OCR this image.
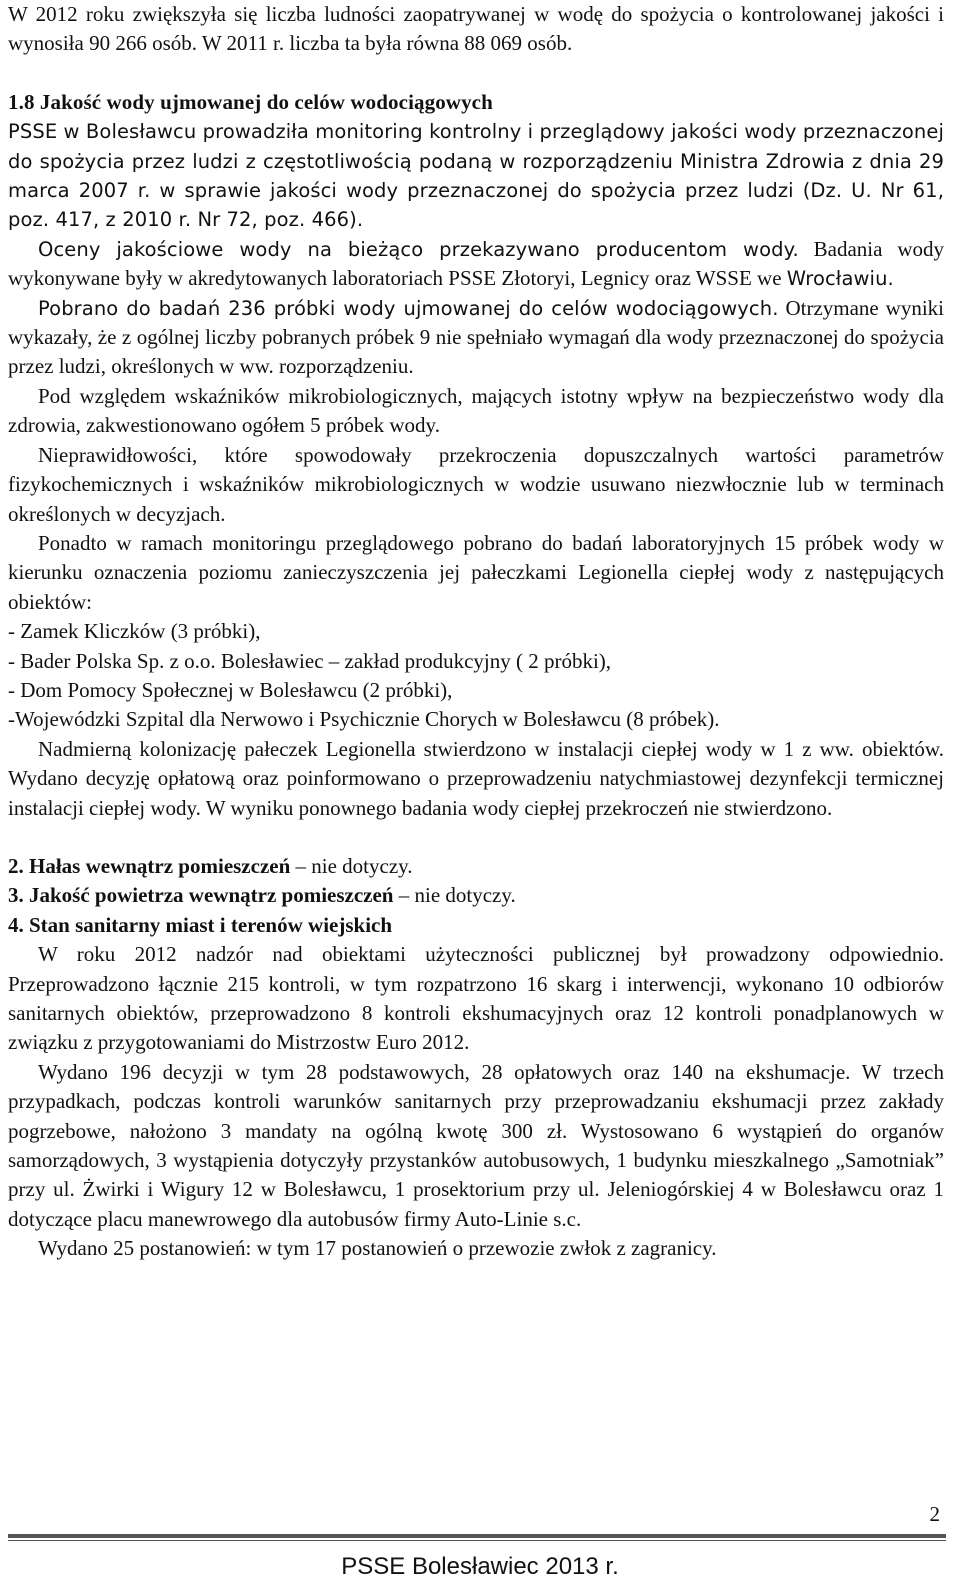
W 2012 roku zwiększyła się liczba ludności zaopatrywanej w wodę do spożycia o kontrolowanej jakości i wynosiła 90 266 osób. W 2011 r. liczba ta była równa 88 069 osób.

1.8 Jakość wody ujmowanej do celów wodociągowych

PSSE w Bolesławcu prowadziła monitoring kontrolny i przeglądowy jakości wody przeznaczonej do spożycia przez ludzi z częstotliwością podaną w rozporządzeniu Ministra Zdrowia z dnia 29 marca 2007 r. w sprawie jakości wody przeznaczonej do spożycia przez ludzi (Dz. U. Nr 61, poz. 417, z 2010 r. Nr 72, poz. 466).

Oceny jakościowe wody na bieżąco przekazywano producentom wody. Badania wody wykonywane były w akredytowanych laboratoriach PSSE Złotoryi, Legnicy oraz WSSE we Wrocławiu.

Pobrano do badań 236 próbki wody ujmowanej do celów wodociągowych. Otrzymane wyniki wykazały, że z ogólnej liczby pobranych próbek 9 nie spełniało wymagań dla wody przeznaczonej do spożycia przez ludzi, określonych w ww. rozporządzeniu.

Pod względem wskaźników mikrobiologicznych, mających istotny wpływ na bezpieczeństwo wody dla zdrowia, zakwestionowano ogółem 5 próbek wody.

Nieprawidłowości, które spowodowały przekroczenia dopuszczalnych wartości parametrów fizykochemicznych i wskaźników mikrobiologicznych w wodzie usuwano niezwłocznie lub w terminach określonych w decyzjach.

Ponadto w ramach monitoringu przeglądowego pobrano do badań laboratoryjnych 15 próbek wody w kierunku oznaczenia poziomu zanieczyszczenia jej pałeczkami Legionella ciepłej wody z następujących obiektów:

- Zamek Kliczków (3 próbki),

- Bader Polska Sp. z o.o. Bolesławiec – zakład produkcyjny ( 2 próbki),

- Dom Pomocy Społecznej w Bolesławcu (2 próbki),

-Wojewódzki Szpital dla Nerwowo i Psychicznie Chorych w Bolesławcu (8 próbek).

Nadmierną kolonizację pałeczek Legionella stwierdzono w instalacji ciepłej wody w 1 z ww. obiektów. Wydano decyzję opłatową oraz poinformowano o przeprowadzeniu natychmiastowej dezynfekcji termicznej instalacji ciepłej wody. W wyniku ponownego badania wody ciepłej przekroczeń nie stwierdzono.

2. Hałas wewnątrz pomieszczeń – nie dotyczy.

3. Jakość powietrza wewnątrz pomieszczeń – nie dotyczy.

4. Stan sanitarny miast i terenów wiejskich

W roku 2012 nadzór nad obiektami użyteczności publicznej był prowadzony odpowiednio. Przeprowadzono łącznie 215 kontroli, w tym rozpatrzono 16 skarg i interwencji, wykonano 10 odbiorów sanitarnych obiektów, przeprowadzono 8 kontroli ekshumacyjnych oraz 12 kontroli ponadplanowych w związku z przygotowaniami do Mistrzostw Euro 2012.

Wydano 196 decyzji w tym 28 podstawowych, 28 opłatowych oraz 140 na ekshumacje. W trzech przypadkach, podczas kontroli warunków sanitarnych przy przeprowadzaniu ekshumacji przez zakłady pogrzebowe, nałożono 3 mandaty na ogólną kwotę 300 zł. Wystosowano 6 wystąpień do organów samorządowych, 3 wystąpienia dotyczyły przystanków autobusowych, 1 budynku mieszkalnego „Samotniak” przy ul. Żwirki i Wigury 12 w Bolesławcu, 1 prosektorium przy ul. Jeleniogórskiej 4 w Bolesławcu oraz 1 dotyczące placu manewrowego dla autobusów firmy Auto-Linie s.c.

Wydano 25 postanowień: w tym 17 postanowień o przewozie zwłok z zagranicy.

2
PSSE Bolesławiec 2013 r.
